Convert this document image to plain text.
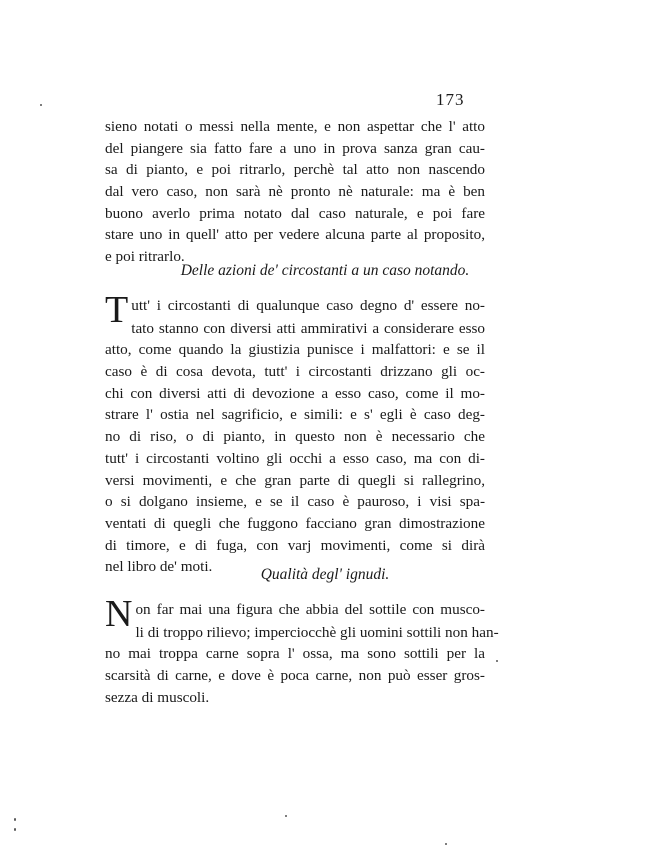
173
sieno notati o messi nella mente, e non aspettar che l' atto
del piangere sia fatto fare a uno in prova sanza gran cau-
sa di pianto, e poi ritrarlo, perchè tal atto non nascendo
dal vero caso, non sarà nè pronto nè naturale: ma è ben
buono averlo prima notato dal caso naturale, e poi fare
stare uno in quell' atto per vedere alcuna parte al proposito,
e poi ritrarlo.
Delle azioni de' circostanti a un caso notando.
T utt' i circostanti di qualunque caso degno d' essere no-
tato stanno con diversi atti ammirativi a considerare esso
atto, come quando la giustizia punisce i malfattori: e se il
caso è di cosa devota, tutt' i circostanti drizzano gli oc-
chi con diversi atti di devozione a esso caso, come il mo-
strare l' ostia nel sagrificio, e simili: e s' egli è caso deg-
no di riso, o di pianto, in questo non è necessario che
tutt' i circostanti voltino gli occhi a esso caso, ma con di-
versi movimenti, e che gran parte di quegli si rallegrino,
o si dolgano insieme, e se il caso è pauroso, i visi spa-
ventati di quegli che fuggono facciano gran dimostrazione
di timore, e di fuga, con varj movimenti, come si dirà
nel libro de' moti.	Qualità degl' ignudi.
N on far mai una figura che abbia del sottile con musco-
li di troppo rilievo; imperciocchè gli uomini sottili non han-
no mai troppa carne sopra l' ossa, ma sono sottili per la
scarsità di carne, e dove è poca carne, non può esser gros-
sezza di muscoli.
